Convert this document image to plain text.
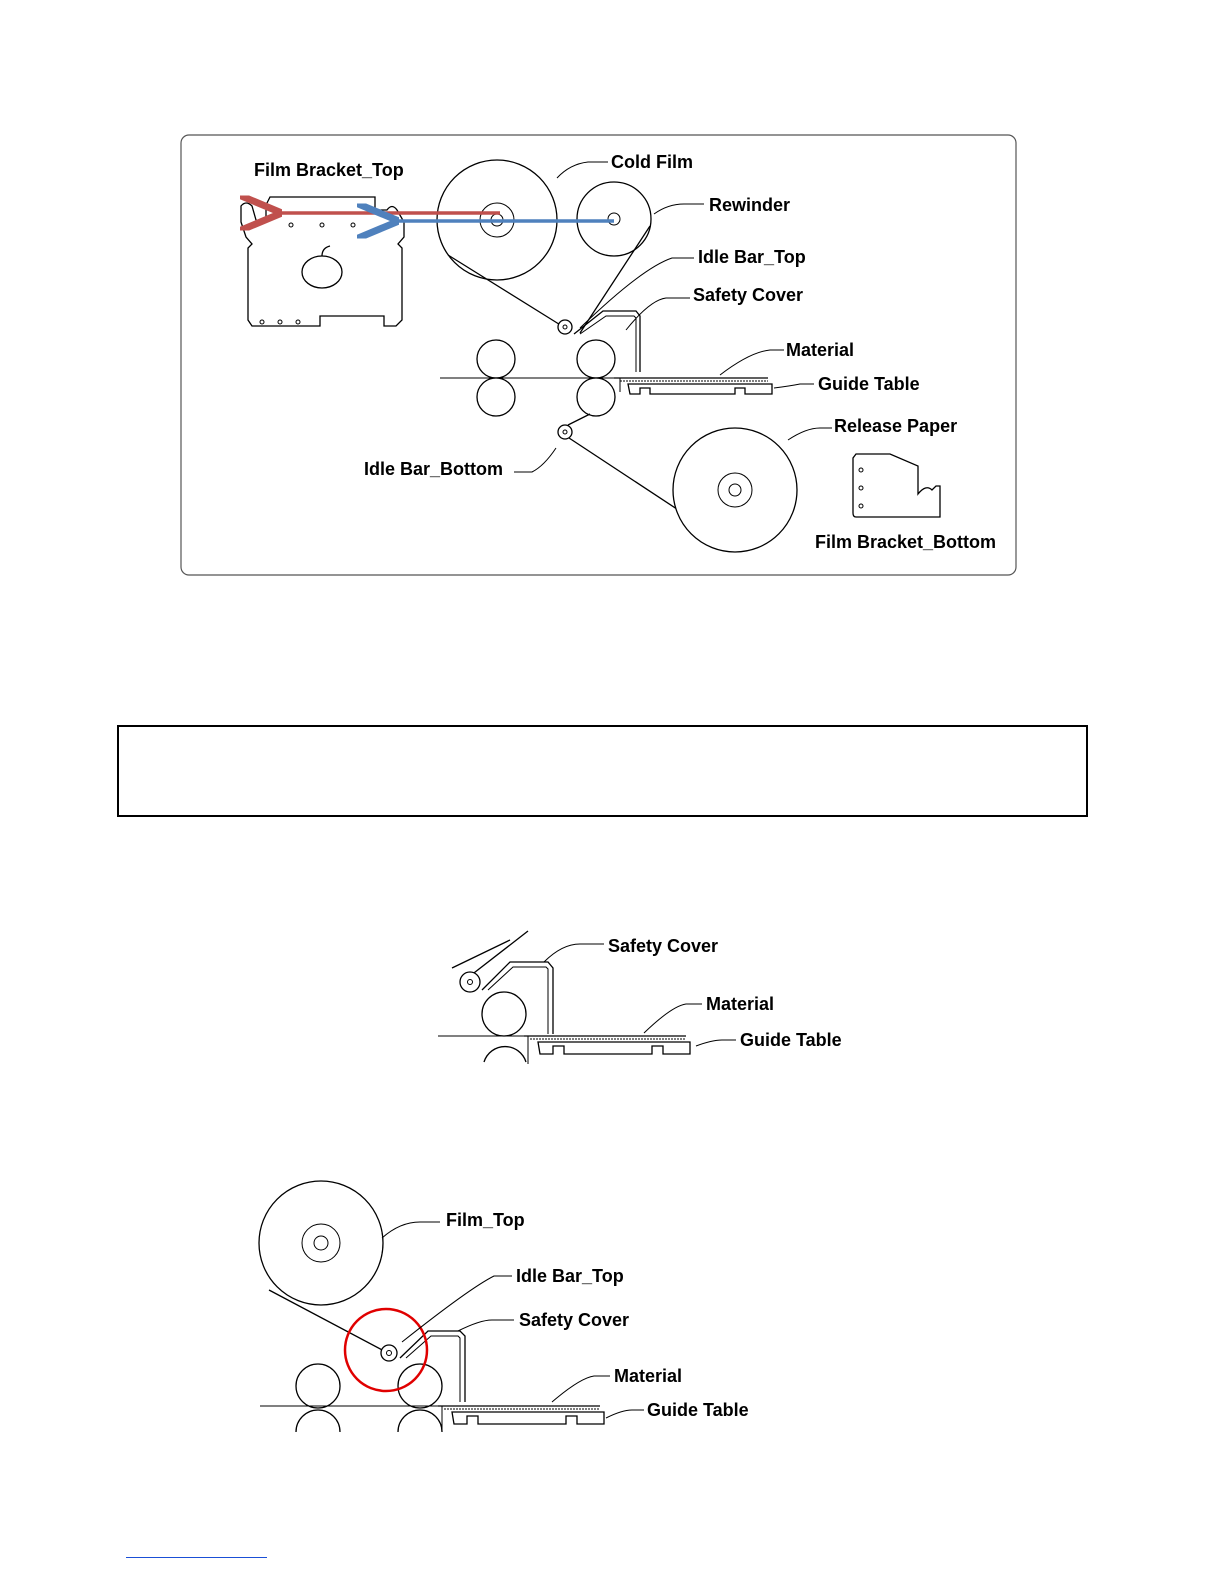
Film Bracket_Top	Cold Film
Rewinder
Idle Bar_Top
Safety Cover
Material
Guide Table
Release Paper
Idle Bar_Bottom
Film Bracket_Bottom
Safety Cover
Material
Guide Table
Film_Top
Idle Bar_Top
Safety Cover
Material
Guide Table
